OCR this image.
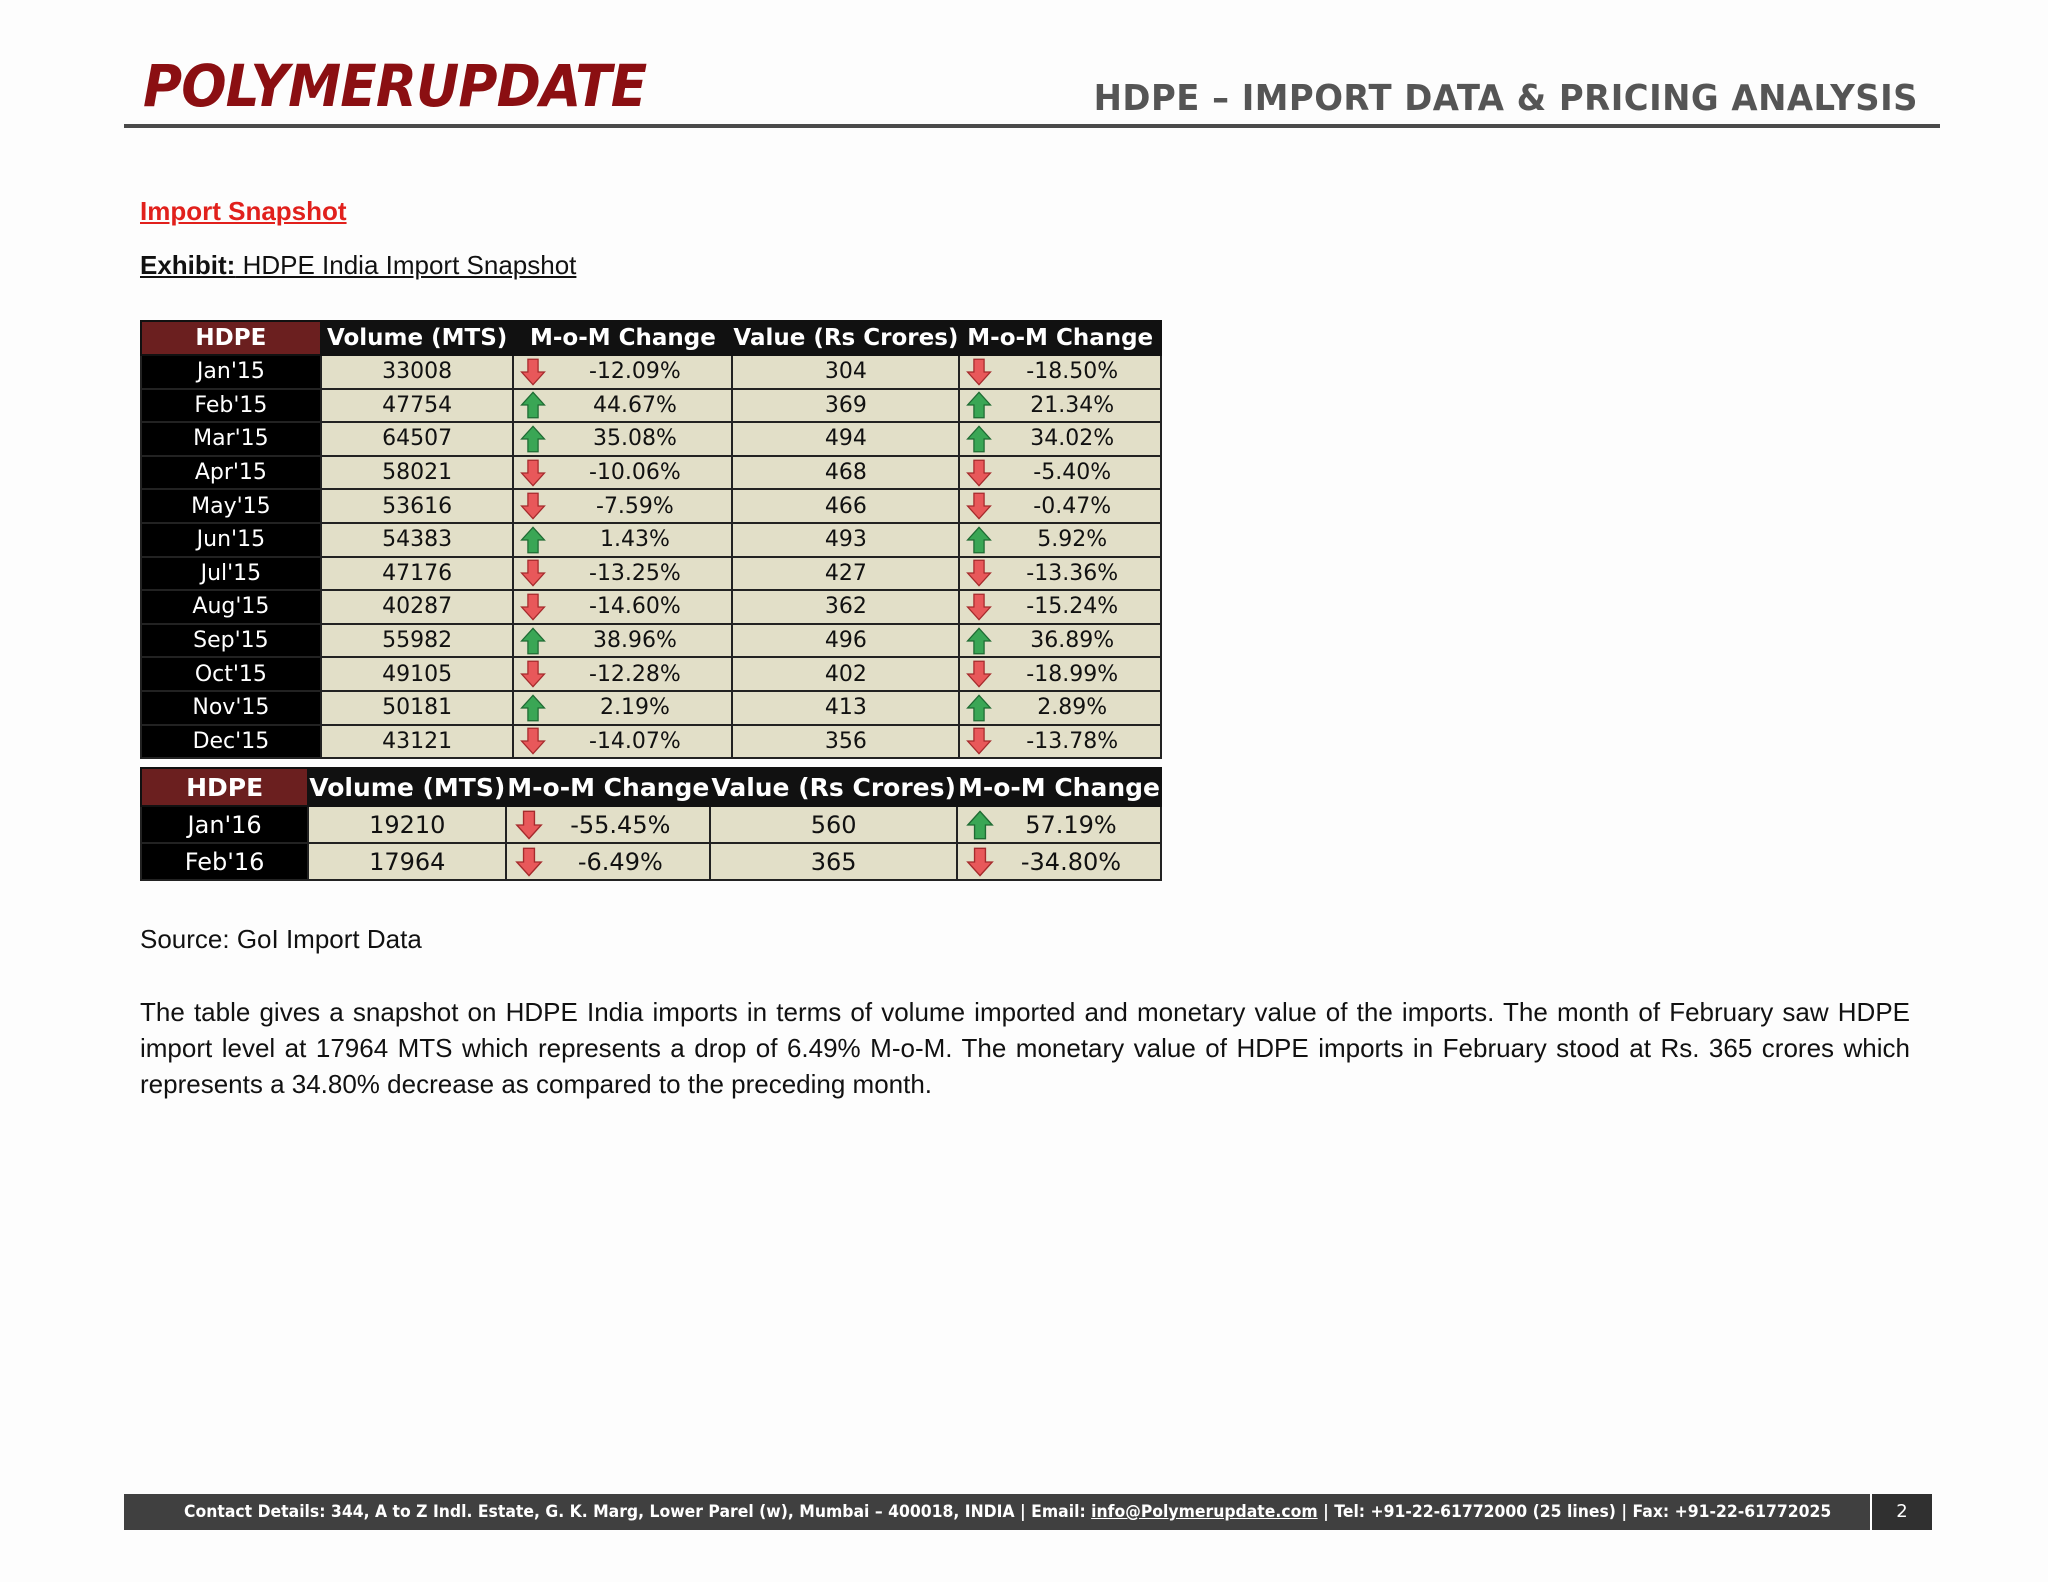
POLYMERUPDATE	HDPE – IMPORT DATA & PRICING ANALYSIS
Import Snapshot
Exhibit: HDPE India Import Snapshot
HDPE	Volume (MTS)	M-o-M Change	Value (Rs Crores)	M-o-M Change
Jan'15	33008	-12.09%	304	-18.50%
Feb'15	47754	44.67%	369	21.34%
Mar'15	64507	35.08%	494	34.02%
Apr'15	58021	-10.06%	468	-5.40%
May'15	53616	-7.59%	466	-0.47%
Jun'15	54383	1.43%	493	5.92%
Jul'15	47176	-13.25%	427	-13.36%
Aug'15	40287	-14.60%	362	-15.24%
Sep'15	55982	38.96%	496	36.89%
Oct'15	49105	-12.28%	402	-18.99%
Nov'15	50181	2.19%	413	2.89%
Dec'15	43121	-14.07%	356	-13.78%
HDPE	Volume (MTS)	M-o-M Change	Value (Rs Crores)	M-o-M Change
Jan'16	19210	-55.45%	560	57.19%
Feb'16	17964	-6.49%	365	-34.80%
Source: GoI Import Data
The table gives a snapshot on HDPE India imports in terms of volume imported and monetary value of the imports. The month of February saw HDPE import level at 17964 MTS which represents a drop of 6.49% M-o-M. The monetary value of HDPE imports in February stood at Rs. 365 crores which represents a 34.80% decrease as compared to the preceding month.
Contact Details: 344, A to Z Indl. Estate, G. K. Marg, Lower Parel (w), Mumbai – 400018, INDIA | Email: info@Polymerupdate.com | Tel: +91-22-61772000 (25 lines) | Fax: +91-22-61772025	2
